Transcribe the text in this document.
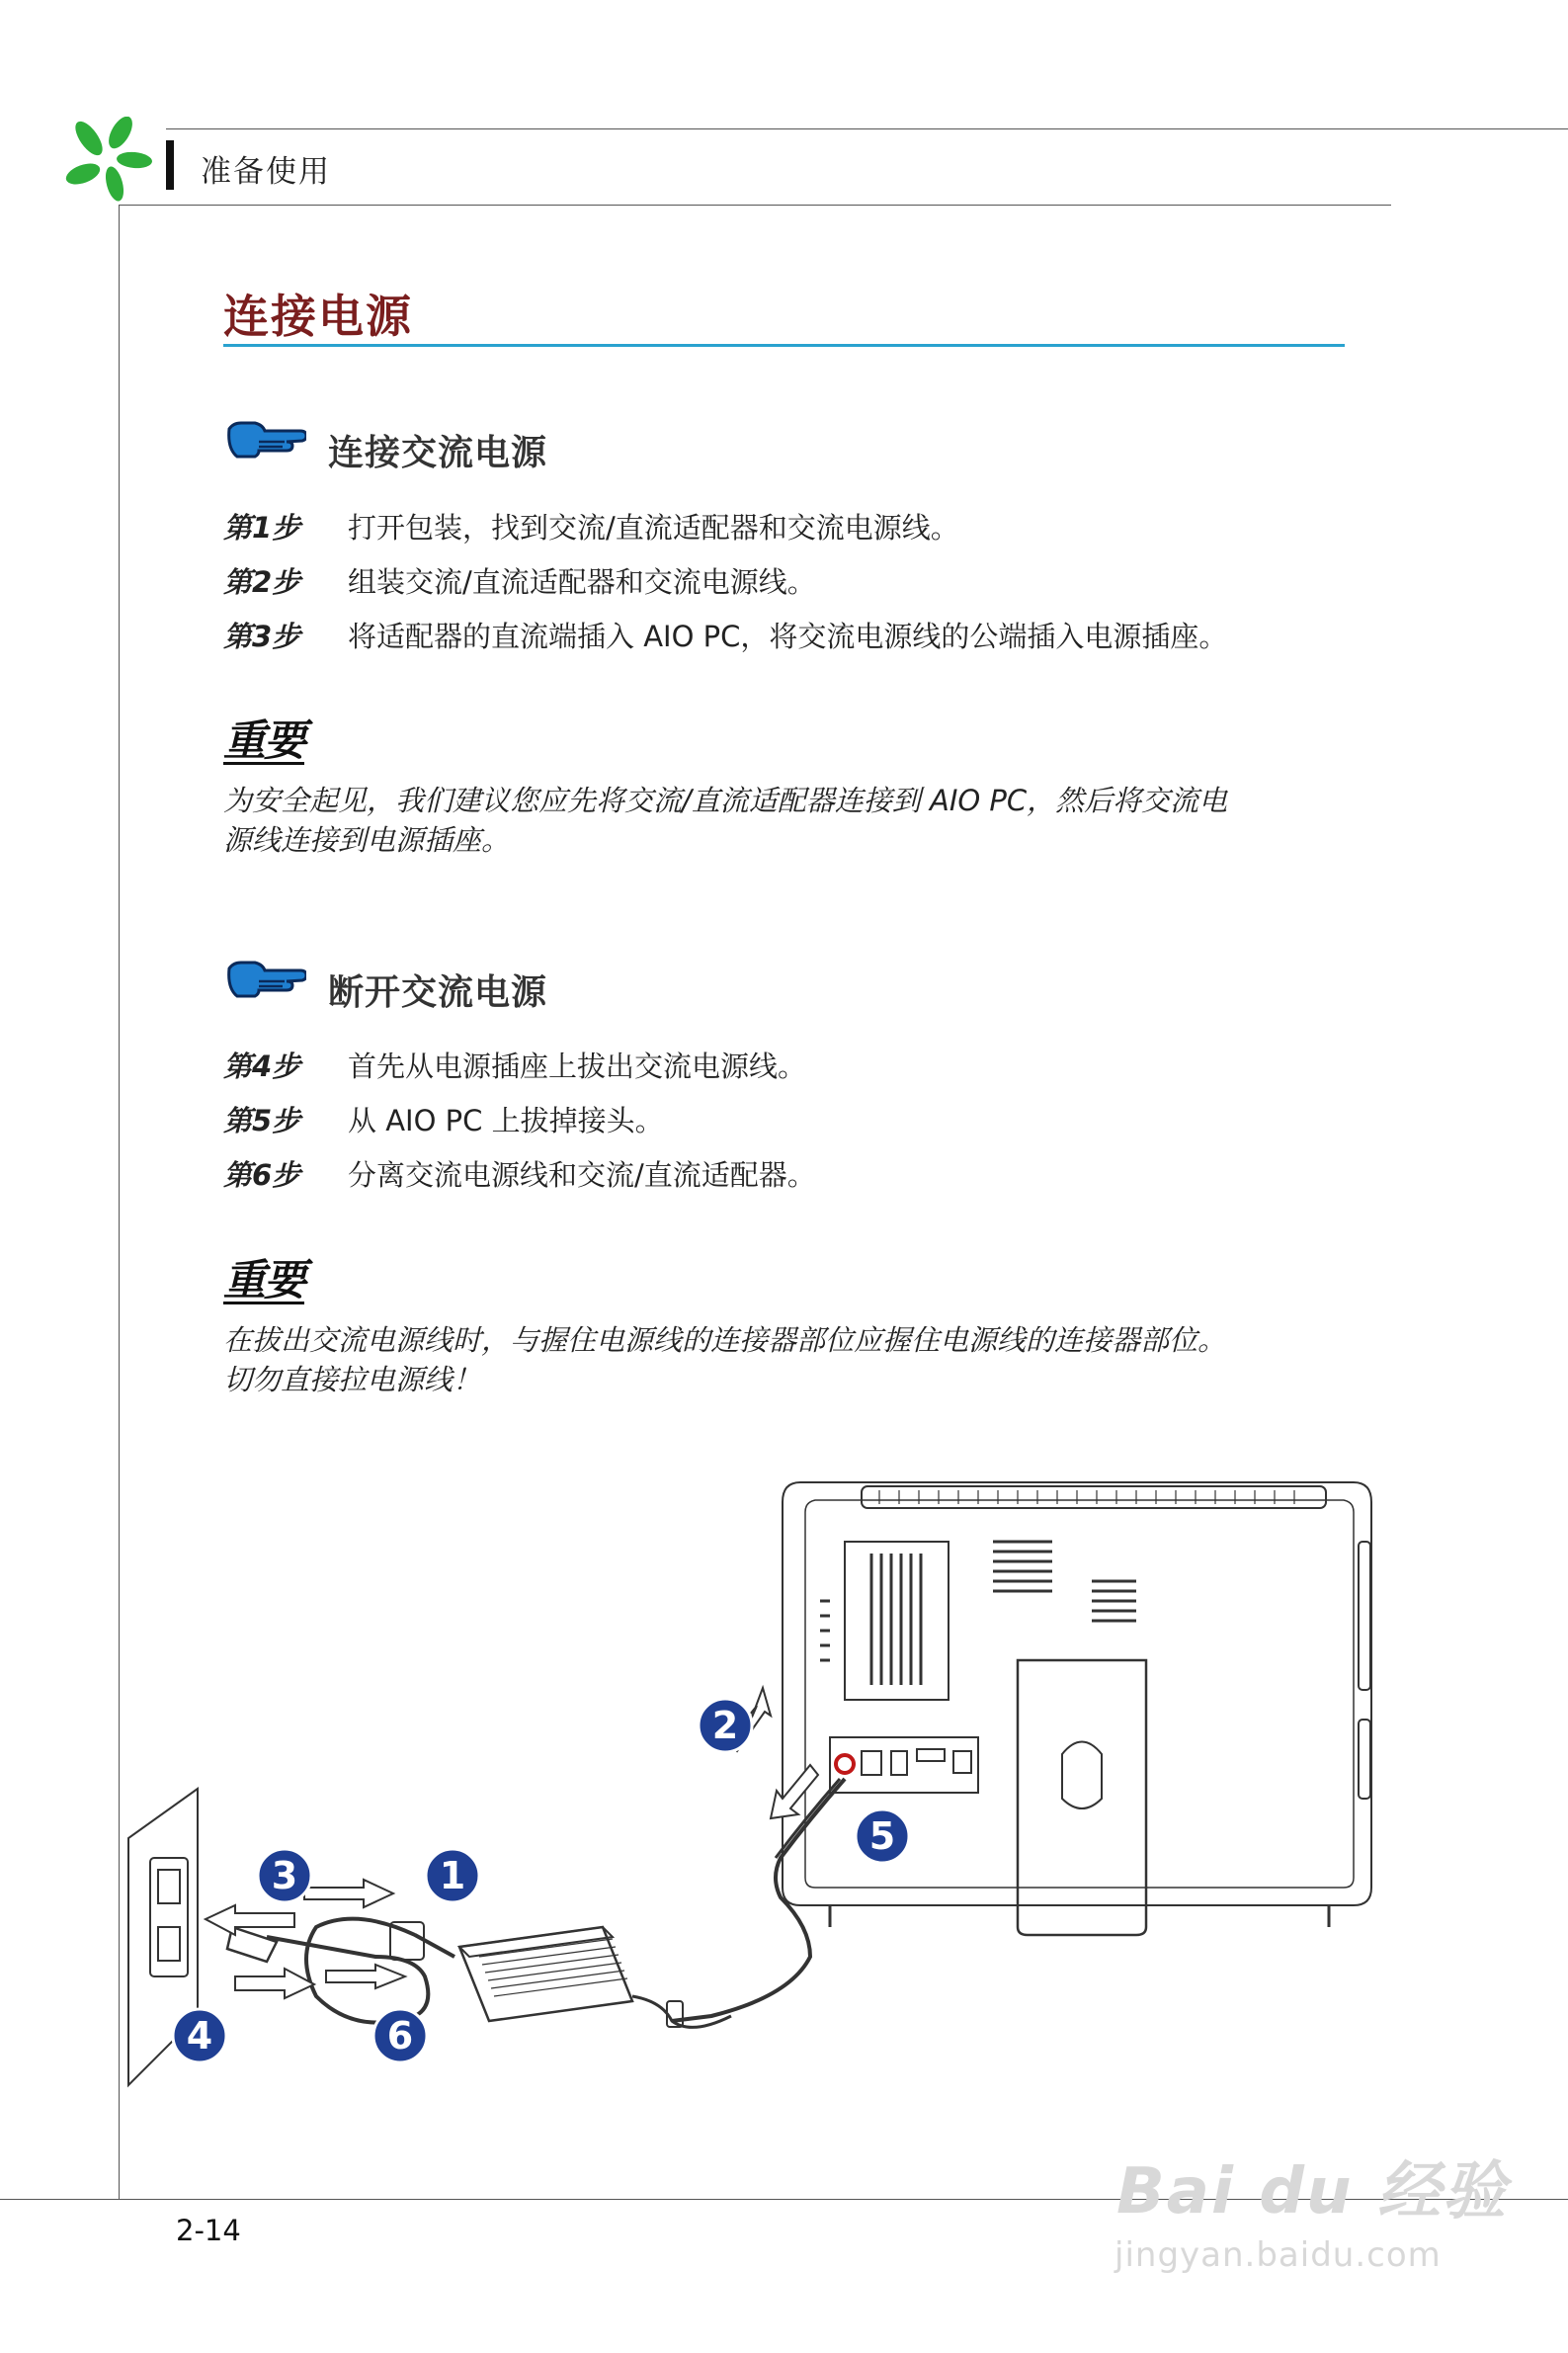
准备使用
连接电源
连接交流电源
第1步 打开包装，找到交流/直流适配器和交流电源线。
第2步 组装交流/直流适配器和交流电源线。
第3步 将适配器的直流端插入 AIO PC，将交流电源线的公端插入电源插座。
重要
为安全起见，我们建议您应先将交流/直流适配器连接到 AIO PC，然后将交流电
源线连接到电源插座。
断开交流电源
第4步 首先从电源插座上拔出交流电源线。
第5步 从 AIO PC 上拔掉接头。
第6步 分离交流电源线和交流/直流适配器。
重要
在拔出交流电源线时，与握住电源线的连接器部位应握住电源线的连接器部位。
切勿直接拉电源线！
1
2
3
4
5
6
2-14
Bai du 经验
jingyan.baidu.com
